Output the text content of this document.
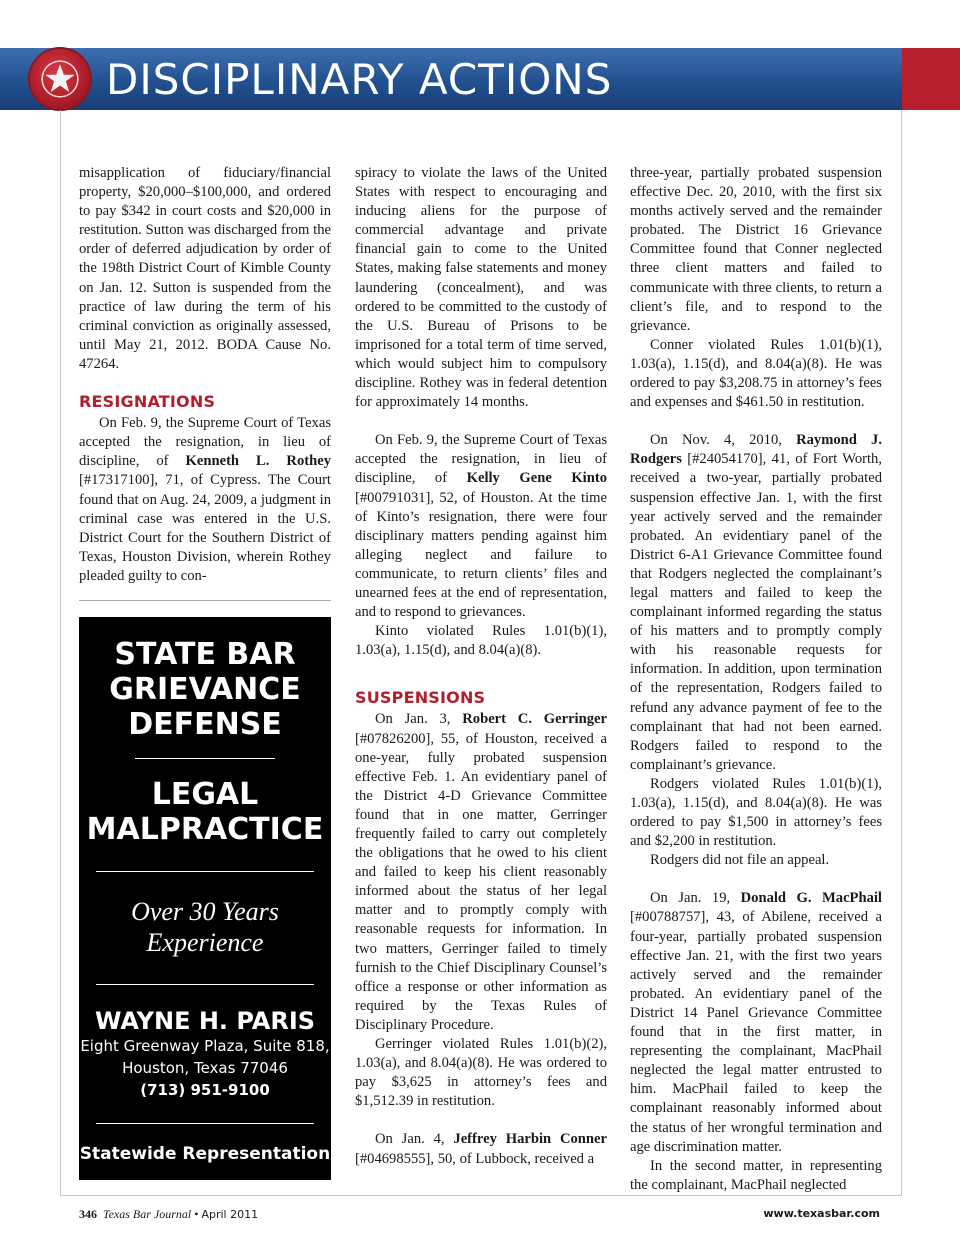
DISCIPLINARY ACTIONS

misapplication of fiduciary/financial property, $20,000–$100,000, and ordered to pay $342 in court costs and $20,000 in restitution. Sutton was discharged from the order of deferred adjudication by order of the 198th District Court of Kimble County on Jan. 12. Sutton is suspended from the practice of law during the term of his criminal conviction as originally assessed, until May 21, 2012. BODA Cause No. 47264.

RESIGNATIONS

On Feb. 9, the Supreme Court of Texas accepted the resignation, in lieu of discipline, of Kenneth L. Rothey [#17317100], 71, of Cypress. The Court found that on Aug. 24, 2009, a judgment in criminal case was entered in the U.S. District Court for the Southern District of Texas, Houston Division, wherein Rothey pleaded guilty to con-

STATE BAR
GRIEVANCE
DEFENSE
LEGAL
MALPRACTICE
Over 30 Years
Experience
WAYNE H. PARIS
Eight Greenway Plaza, Suite 818,
Houston, Texas 77046
(713) 951-9100
Statewide Representation

spiracy to violate the laws of the United States with respect to encouraging and inducing aliens for the purpose of commercial advantage and private financial gain to come to the United States, making false statements and money laundering (concealment), and was ordered to be committed to the custody of the U.S. Bureau of Prisons to be imprisoned for a total term of time served, which would subject him to compulsory discipline. Rothey was in federal detention for approximately 14 months.

On Feb. 9, the Supreme Court of Texas accepted the resignation, in lieu of discipline, of Kelly Gene Kinto [#00791031], 52, of Houston. At the time of Kinto’s resignation, there were four disciplinary matters pending against him alleging neglect and failure to communicate, to return clients’ files and unearned fees at the end of representation, and to respond to grievances.

Kinto violated Rules 1.01(b)(1), 1.03(a), 1.15(d), and 8.04(a)(8).

SUSPENSIONS

On Jan. 3, Robert C. Gerringer [#07826200], 55, of Houston, received a one-year, fully probated suspension effective Feb. 1. An evidentiary panel of the District 4-D Grievance Committee found that in one matter, Gerringer frequently failed to carry out completely the obligations that he owed to his client and failed to keep his client reasonably informed about the status of her legal matter and to promptly comply with reasonable requests for information. In two matters, Gerringer failed to timely furnish to the Chief Disciplinary Counsel’s office a response or other information as required by the Texas Rules of Disciplinary Procedure.

Gerringer violated Rules 1.01(b)(2), 1.03(a), and 8.04(a)(8). He was ordered to pay $3,625 in attorney’s fees and $1,512.39 in restitution.

On Jan. 4, Jeffrey Harbin Conner [#04698555], 50, of Lubbock, received a

three-year, partially probated suspension effective Dec. 20, 2010, with the first six months actively served and the remainder probated. The District 16 Grievance Committee found that Conner neglected three client matters and failed to communicate with three clients, to return a client’s file, and to respond to the grievance.

Conner violated Rules 1.01(b)(1), 1.03(a), 1.15(d), and 8.04(a)(8). He was ordered to pay $3,208.75 in attorney’s fees and expenses and $461.50 in restitution.

On Nov. 4, 2010, Raymond J. Rodgers [#24054170], 41, of Fort Worth, received a two-year, partially probated suspension effective Jan. 1, with the first year actively served and the remainder probated. An evidentiary panel of the District 6-A1 Grievance Committee found that Rodgers neglected the complainant’s legal matters and failed to keep the complainant informed regarding the status of his matters and to promptly comply with his reasonable requests for information. In addition, upon termination of the representation, Rodgers failed to refund any advance payment of fee to the complainant that had not been earned. Rodgers failed to respond to the complainant’s grievance.

Rodgers violated Rules 1.01(b)(1), 1.03(a), 1.15(d), and 8.04(a)(8). He was ordered to pay $1,500 in attorney’s fees and $2,200 in restitution.

Rodgers did not file an appeal.

On Jan. 19, Donald G. MacPhail [#00788757], 43, of Abilene, received a four-year, partially probated suspension effective Jan. 21, with the first two years actively served and the remainder probated. An evidentiary panel of the District 14 Panel Grievance Committee found that in the first matter, in representing the complainant, MacPhail neglected the legal matter entrusted to him. MacPhail failed to keep the complainant reasonably informed about the status of her wrongful termination and age discrimination matter.

In the second matter, in representing the complainant, MacPhail neglected

346 Texas Bar Journal • April 2011	www.texasbar.com
